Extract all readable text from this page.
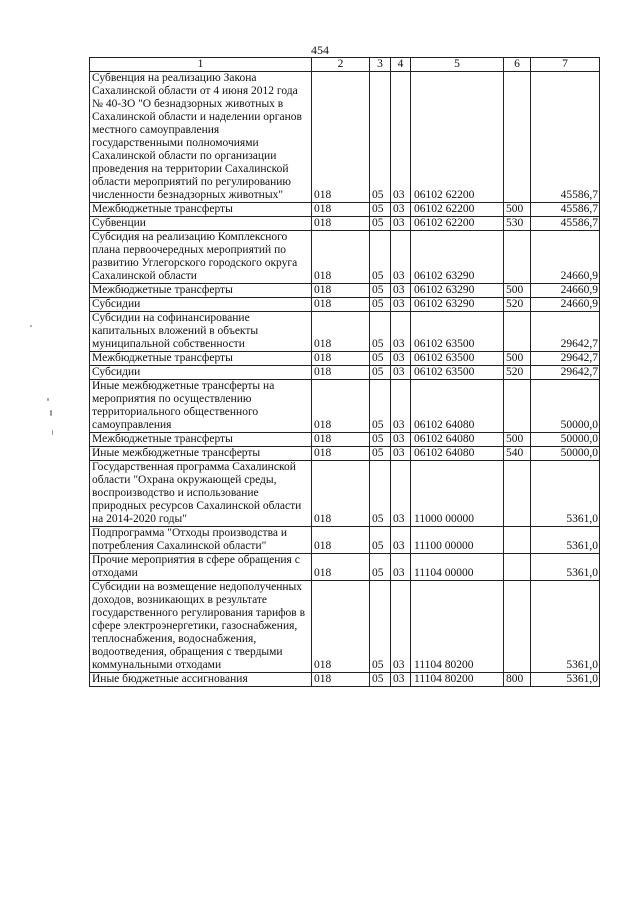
454
1	2	3	4	5	6	7
Субвенция на реализацию Закона Сахалинской области от 4 июня 2012 года № 40-ЗО "О безнадзорных животных в Сахалинской области и наделении органов местного самоуправления государственными полномочиями Сахалинской области по организации проведения на территории Сахалинской области мероприятий по регулированию численности безнадзорных животных"	018	05	03	06102 62200		45586,7
Межбюджетные трансферты	018	05	03	06102 62200	500	45586,7
Субвенции	018	05	03	06102 62200	530	45586,7
Субсидия на реализацию Комплексного плана первоочередных мероприятий по развитию Углегорского городского округа Сахалинской области	018	05	03	06102 63290		24660,9
Межбюджетные трансферты	018	05	03	06102 63290	500	24660,9
Субсидии	018	05	03	06102 63290	520	24660,9
Субсидии на софинансирование капитальных вложений в объекты муниципальной собственности	018	05	03	06102 63500		29642,7
Межбюджетные трансферты	018	05	03	06102 63500	500	29642,7
Субсидии	018	05	03	06102 63500	520	29642,7
Иные межбюджетные трансферты на мероприятия по осуществлению территориального общественного самоуправления	018	05	03	06102 64080		50000,0
Межбюджетные трансферты	018	05	03	06102 64080	500	50000,0
Иные межбюджетные трансферты	018	05	03	06102 64080	540	50000,0
Государственная программа Сахалинской области "Охрана окружающей среды, воспроизводство и использование природных ресурсов Сахалинской области на 2014-2020 годы"	018	05	03	11000 00000		5361,0
Подпрограмма "Отходы производства и потребления Сахалинской области"	018	05	03	11100 00000		5361,0
Прочие мероприятия в сфере обращения с отходами	018	05	03	11104 00000		5361,0
Субсидии на возмещение недополученных доходов, возникающих в результате государственного регулирования тарифов в сфере электроэнергетики, газоснабжения, теплоснабжения, водоснабжения, водоотведения, обращения с твердыми коммунальными отходами	018	05	03	11104 80200		5361,0
Иные бюджетные ассигнования	018	05	03	11104 80200	800	5361,0
